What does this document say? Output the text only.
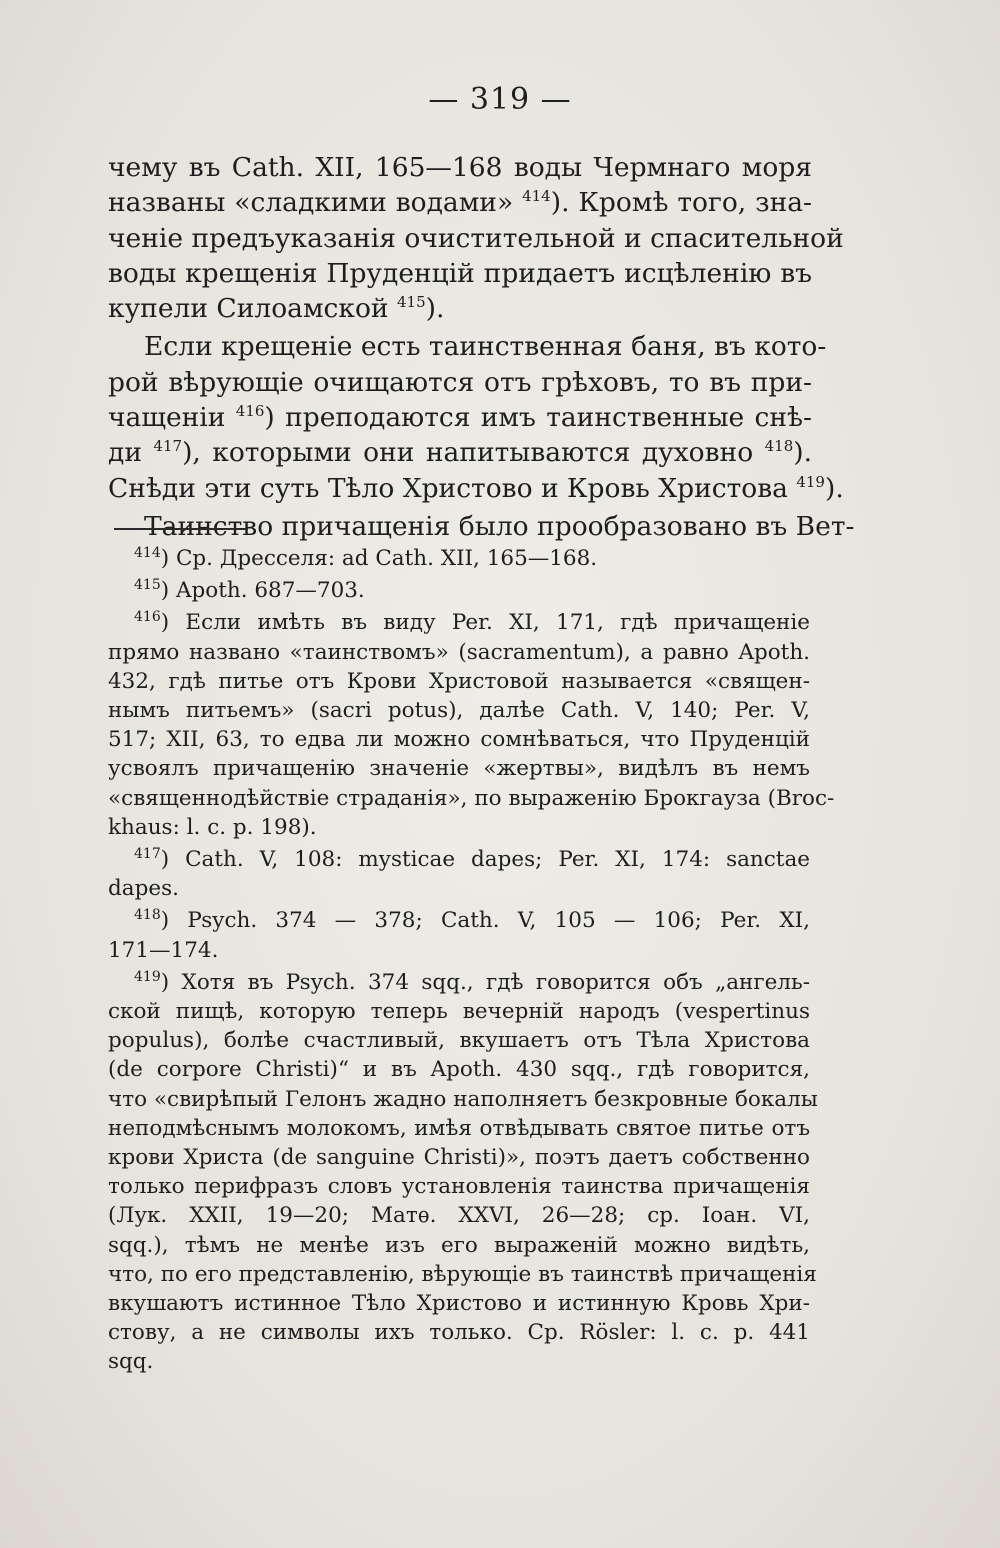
— 319 —
чему въ Cath. XII, 165—168 воды Чермнаго моря
названы «сладкими водами» $^{414}$). Кромѣ того, зна-
ченіе предъуказанія очистительной и спасительной
воды крещенія Пруденцій придаетъ исцѣленію въ
купели Силоамской $^{415}$).
Если крещеніе есть таинственная баня, въ кото-
рой вѣрующіе очищаются отъ грѣховъ, то въ при-
чащеніи $^{416}$) преподаются имъ таинственные снѣ-
ди $^{417}$), которыми они напитываются духовно $^{418}$).
Снѣди эти суть Тѣло Христово и Кровь Христова $^{419}$).
Таинство причащенія было прообразовано въ Вет-
$^{414}$) Ср. Дресселя: ad Cath. XII, 165—168.
$^{415}$) Apoth. 687—703.
$^{416}$) Если имѣть въ виду Per. XI, 171, гдѣ причащеніе
прямо названо «таинствомъ» (sacramentum), а равно Apoth.
432, гдѣ питье отъ Крови Христовой называется «священ-
нымъ питьемъ» (sacri potus), далѣе Cath. V, 140; Per. V,
517; XII, 63, то едва ли можно сомнѣваться, что Пруденцій
усвоялъ причащенію значеніе «жертвы», видѣлъ въ немъ
«священнодѣйствіе страданія», по выраженію Брокгауза (Broc-
khaus: l. c. p. 198).
$^{417}$) Cath. V, 108: mysticae dapes; Per. XI, 174: sanctae
dapes.
$^{418}$) Psych. 374 — 378; Cath. V, 105 — 106; Per. XI,
171—174.
$^{419}$) Хотя въ Psych. 374 sqq., гдѣ говорится объ „ангель-
ской пищѣ, которую теперь вечерній народъ (vespertinus
populus), болѣе счастливый, вкушаетъ отъ Тѣла Христова
(de corpore Christi)“ и въ Apoth. 430 sqq., гдѣ говорится,
что «свирѣпый Гелонъ жадно наполняетъ безкровные бокалы
неподмѣснымъ молокомъ, имѣя отвѣдывать святое питье отъ
крови Христа (de sanguine Christi)», поэтъ даетъ собственно
только перифразъ словъ установленія таинства причащенія
(Лук. XXII, 19—20; Матѳ. XXVI, 26—28; ср. Іоан. VI,
sqq.), тѣмъ не менѣе изъ его выраженій можно видѣть,
что, по его представленію, вѣрующіе въ таинствѣ причащенія
вкушаютъ истинное Тѣло Христово и истинную Кровь Хри-
стову, а не символы ихъ только. Ср. Rösler: l. c. p. 441
sqq.
